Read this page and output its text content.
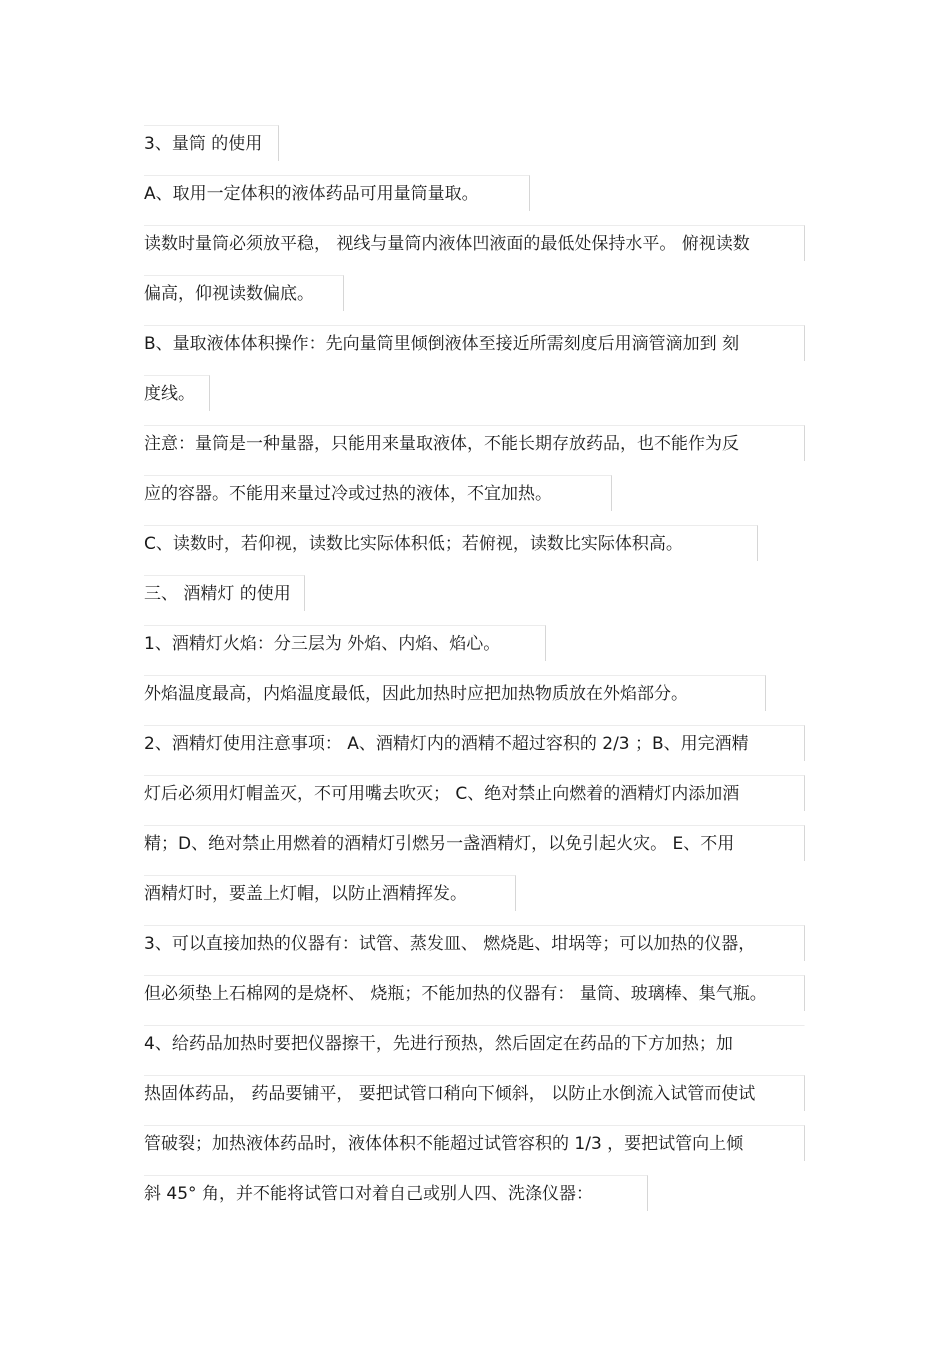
3、量筒 的使用
A、取用一定体积的液体药品可用量筒量取。
读数时量筒必须放平稳， 视线与量筒内液体凹液面的最低处保持水平。 俯视读数
偏高，仰视读数偏底。
B、量取液体体积操作：先向量筒里倾倒液体至接近所需刻度后用滴管滴加到 刻
度线。
注意：量筒是一种量器，只能用来量取液体，不能长期存放药品，也不能作为反
应的容器。不能用来量过冷或过热的液体，不宜加热。
C、读数时，若仰视，读数比实际体积低；若俯视，读数比实际体积高。
三、 酒精灯 的使用
1、酒精灯火焰：分三层为 外焰、内焰、焰心。
外焰温度最高，内焰温度最低，因此加热时应把加热物质放在外焰部分。
2、酒精灯使用注意事项： A、酒精灯内的酒精不超过容积的 2/3 ；B、用完酒精
灯后必须用灯帽盖灭，不可用嘴去吹灭； C、绝对禁止向燃着的酒精灯内添加酒
精；D、绝对禁止用燃着的酒精灯引燃另一盏酒精灯，以免引起火灾。 E、不用
酒精灯时，要盖上灯帽，以防止酒精挥发。
3、可以直接加热的仪器有：试管、蒸发皿、 燃烧匙、坩埚等；可以加热的仪器，
但必须垫上石棉网的是烧杯、 烧瓶；不能加热的仪器有： 量筒、玻璃棒、集气瓶。
4、给药品加热时要把仪器擦干，先进行预热，然后固定在药品的下方加热；加
热固体药品， 药品要铺平， 要把试管口稍向下倾斜， 以防止水倒流入试管而使试
管破裂；加热液体药品时，液体体积不能超过试管容积的 1/3 ，要把试管向上倾
斜 45° 角，并不能将试管口对着自己或别人四、洗涤仪器：
